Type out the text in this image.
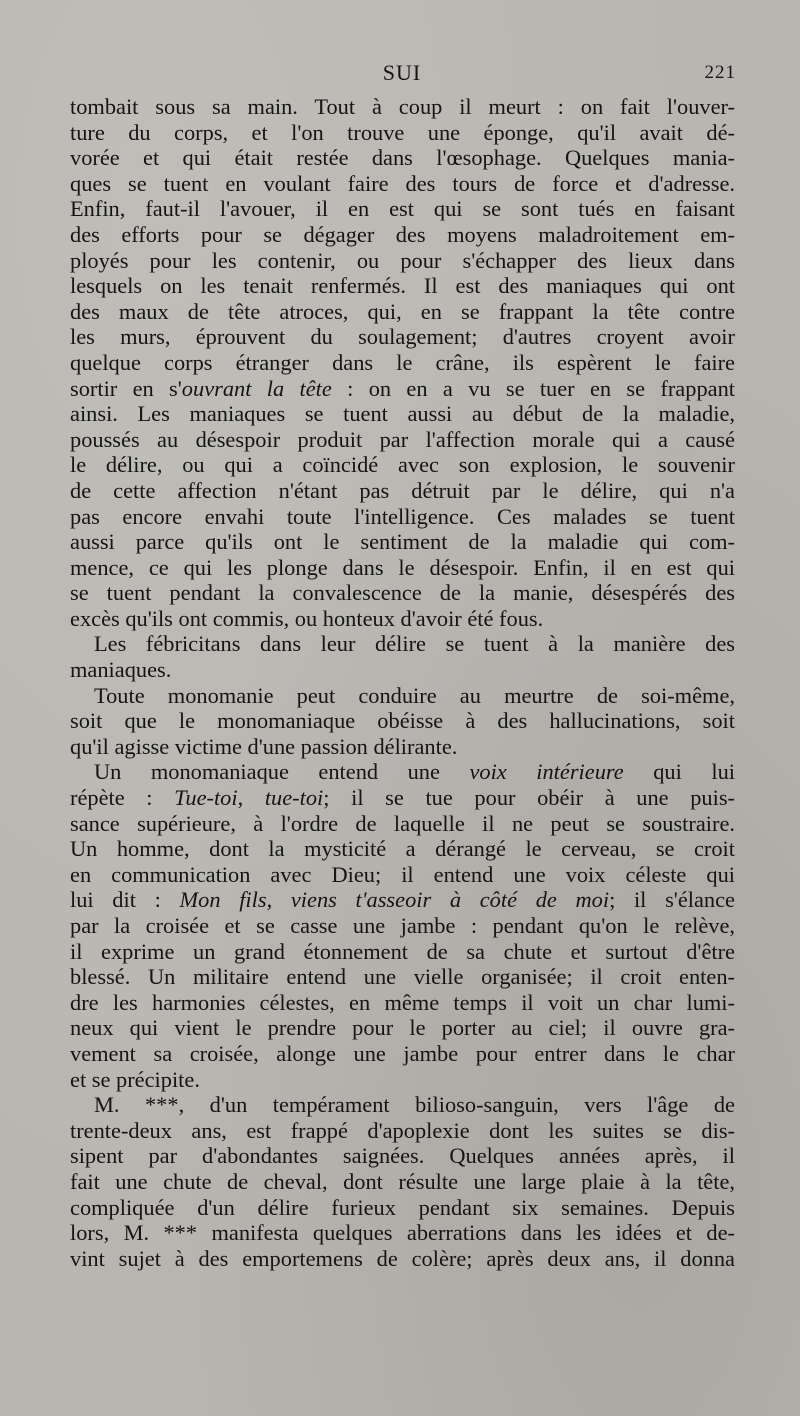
SUI	221
tombait sous sa main. Tout à coup il meurt : on fait l'ouver-
ture du corps, et l'on trouve une éponge, qu'il avait dé-
vorée et qui était restée dans l'œsophage. Quelques mania-
ques se tuent en voulant faire des tours de force et d'adresse.
Enfin, faut-il l'avouer, il en est qui se sont tués en faisant
des efforts pour se dégager des moyens maladroitement em-
ployés pour les contenir, ou pour s'échapper des lieux dans
lesquels on les tenait renfermés. Il est des maniaques qui ont
des maux de tête atroces, qui, en se frappant la tête contre
les murs, éprouvent du soulagement; d'autres croyent avoir
quelque corps étranger dans le crâne, ils espèrent le faire
sortir en s'ouvrant la tête : on en a vu se tuer en se frappant
ainsi. Les maniaques se tuent aussi au début de la maladie,
poussés au désespoir produit par l'affection morale qui a causé
le délire, ou qui a coïncidé avec son explosion, le souvenir
de cette affection n'étant pas détruit par le délire, qui n'a
pas encore envahi toute l'intelligence. Ces malades se tuent
aussi parce qu'ils ont le sentiment de la maladie qui com-
mence, ce qui les plonge dans le désespoir. Enfin, il en est qui
se tuent pendant la convalescence de la manie, désespérés des
excès qu'ils ont commis, ou honteux d'avoir été fous.
Les fébricitans dans leur délire se tuent à la manière des
maniaques.
Toute monomanie peut conduire au meurtre de soi-même,
soit que le monomaniaque obéisse à des hallucinations, soit
qu'il agisse victime d'une passion délirante.
Un monomaniaque entend une voix intérieure qui lui
répète : Tue-toi, tue-toi; il se tue pour obéir à une puis-
sance supérieure, à l'ordre de laquelle il ne peut se soustraire.
Un homme, dont la mysticité a dérangé le cerveau, se croit
en communication avec Dieu; il entend une voix céleste qui
lui dit : Mon fils, viens t'asseoir à côté de moi; il s'élance
par la croisée et se casse une jambe : pendant qu'on le relève,
il exprime un grand étonnement de sa chute et surtout d'être
blessé. Un militaire entend une vielle organisée; il croit enten-
dre les harmonies célestes, en même temps il voit un char lumi-
neux qui vient le prendre pour le porter au ciel; il ouvre gra-
vement sa croisée, alonge une jambe pour entrer dans le char
et se précipite.
M. ***, d'un tempérament bilioso-sanguin, vers l'âge de
trente-deux ans, est frappé d'apoplexie dont les suites se dis-
sipent par d'abondantes saignées. Quelques années après, il
fait une chute de cheval, dont résulte une large plaie à la tête,
compliquée d'un délire furieux pendant six semaines. Depuis
lors, M. *** manifesta quelques aberrations dans les idées et de-
vint sujet à des emportemens de colère; après deux ans, il donna
